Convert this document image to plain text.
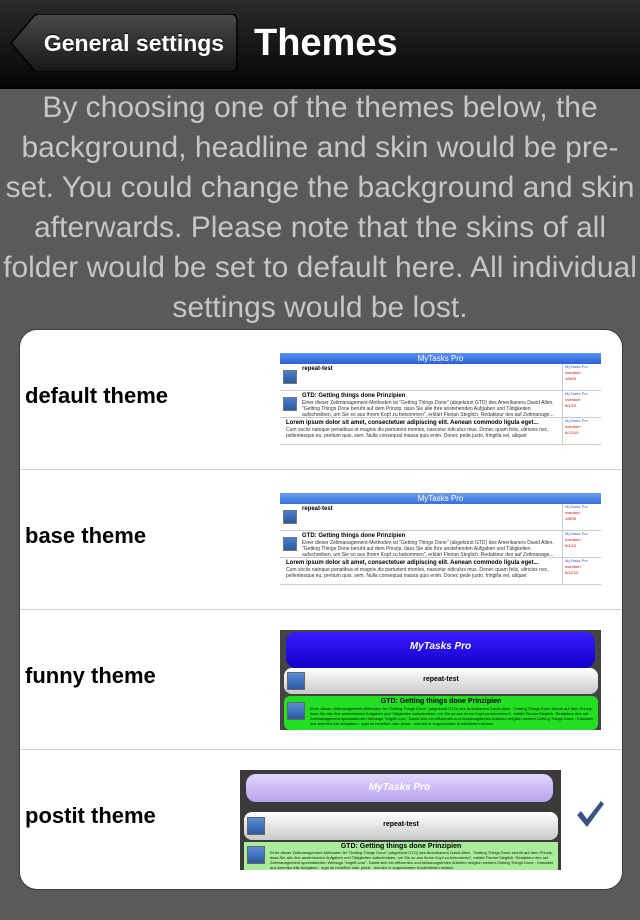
General settings Themes
By choosing one of the themes below, the background, headline and skin would be pre-set. You could change the background and skin afterwards. Please note that the skins of all folder would be set to default here. All individual settings would be lost.
default theme
MyTasks Pro
repeat-test	MyTasks Pro
overdue!
1/8/09
GTD: Getting things done Prinzipien
Einer dieser Zeitmanagement-Methoden ist "Getting Things Done" (abgekürzt GTD) des Amerikaners David Allen. "Getting Things Done beruht auf dem Prinzip, dass Sie alle Ihre anstehenden Aufgaben und Tätigkeiten aufschreiben, um Sie so aus Ihrem Kopf zu bekommen", erklärt Florian Steglich. Redakteur des auf Zeitmanage...
MyTasks Pro
overdue!
6/1/10
Lorem ipsum dolor sit amet, consectetuer adipiscing elit. Aenean commodo ligula eget...
Cum sociis natoque penatibus et magnis dis parturient montes, nascetur ridiculus mus. Donec quam felis, ultricies nec, pellentesque eu, pretium quis, sem. Nulla consequat massa quis enim. Donec pede justo, fringilla vel, aliquet
MyTasks Pro
overdue!
6/12/10
base theme
MyTasks Pro
repeat-test	MyTasks Pro
overdue!
1/8/09
GTD: Getting things done Prinzipien
Einer dieser Zeitmanagement-Methoden ist "Getting Things Done" (abgekürzt GTD) des Amerikaners David Allen. "Getting Things Done beruht auf dem Prinzip, dass Sie alle Ihre anstehenden Aufgaben und Tätigkeiten aufschreiben, um Sie so aus Ihrem Kopf zu bekommen", erklärt Florian Steglich. Redakteur des auf Zeitmanage...
MyTasks Pro
overdue!
6/1/10
Lorem ipsum dolor sit amet, consectetuer adipiscing elit. Aenean commodo ligula eget...
Cum sociis natoque penatibus et magnis dis parturient montes, nascetur ridiculus mus. Donec quam felis, ultricies nec, pellentesque eu, pretium quis, sem. Nulla consequat massa quis enim. Donec pede justo, fringilla vel, aliquet
MyTasks Pro
overdue!
6/12/10
funny theme
MyTasks Pro
repeat-test
GTD: Getting things done Prinzipien
Einer dieser Zeitmanagement-Methoden ist "Getting Things Done" (abgekürzt GTD) des Amerikaners David Allen. "Getting Things Done beruht auf dem Prinzip, dass Sie alle Ihre anstehenden Aufgaben und Tätigkeiten aufschreiben, um Sie so aus Ihrem Kopf zu bekommen", erklärt Florian Steglich. Redakteur des auf Zeitmanagement spezialisierten Weblogs "imgriff.com". Damit sich ein effizientes und belastungsfreies Arbeiten möglich werden.Getting Things Done - Klassiker aus Amerika Alle Aufgaben - egal ob beruflich oder privat - werden in sogenannten Kontextlisten erfasst.
postit theme
MyTasks Pro
repeat-test
GTD: Getting things done Prinzipien
Einer dieser Zeitmanagement-Methoden ist "Getting Things Done" (abgekürzt GTD) des Amerikaners David Allen. "Getting Things Done beruht auf dem Prinzip, dass Sie alle Ihre anstehenden Aufgaben und Tätigkeiten aufschreiben, um Sie so aus Ihrem Kopf zu bekommen", erklärt Florian Steglich. Redakteur des auf Zeitmanagement spezialisierten Weblogs "imgriff.com". Damit sich ein effizientes und belastungsfreies Arbeiten möglich werden.Getting Things Done - Klassiker aus Amerika Alle Aufgaben - egal ob beruflich oder privat - werden in sogenannten Kontextlisten erfasst.
